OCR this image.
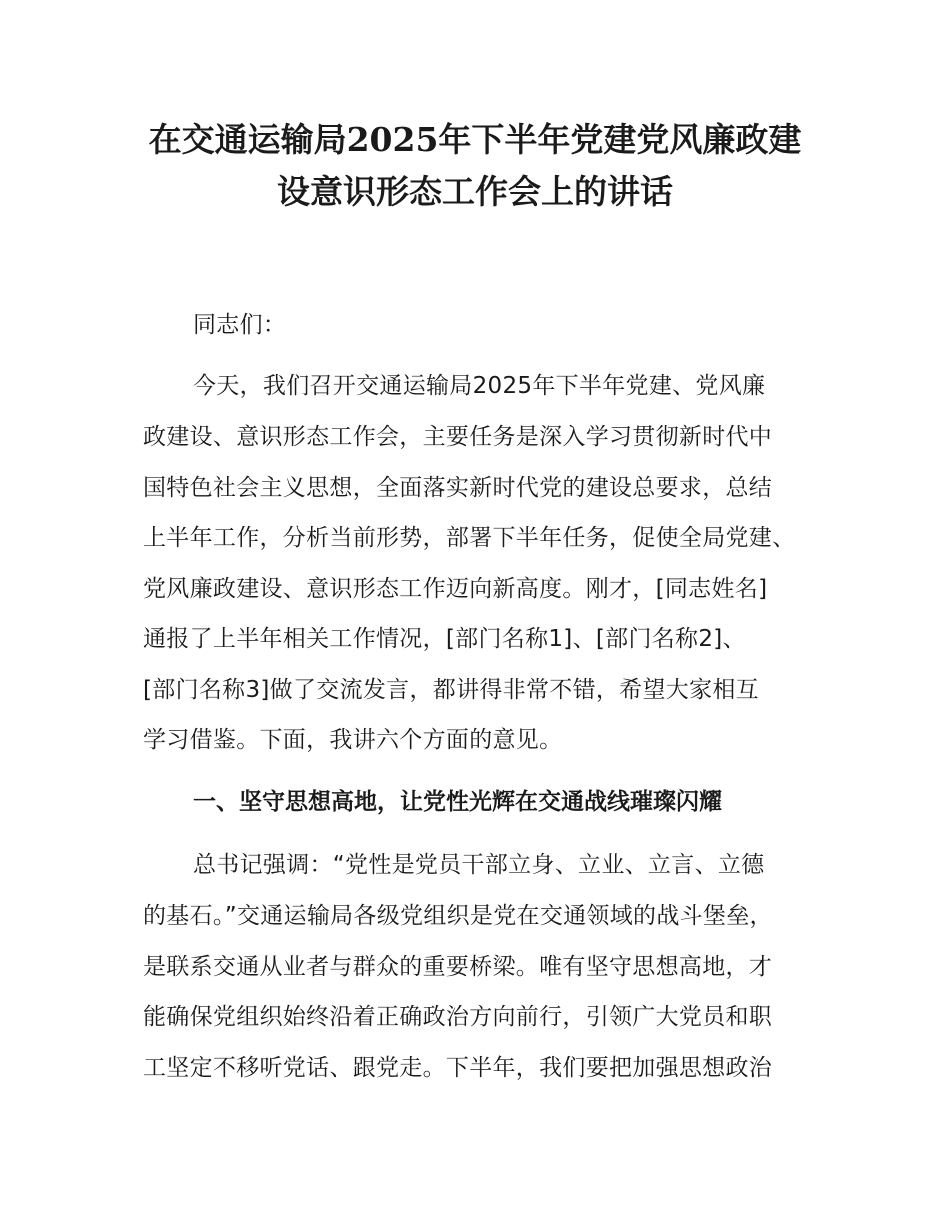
在交通运输局2025年下半年党建党风廉政建
设意识形态工作会上的讲话

同志们：

今天，我们召开交通运输局2025年下半年党建、党风廉

政建设、意识形态工作会，主要任务是深入学习贯彻新时代中

国特色社会主义思想，全面落实新时代党的建设总要求，总结

上半年工作，分析当前形势，部署下半年任务，促使全局党建、

党风廉政建设、意识形态工作迈向新高度。刚才，[同志姓名]

通报了上半年相关工作情况，[部门名称1]、[部门名称2]、

[部门名称3]做了交流发言，都讲得非常不错，希望大家相互

学习借鉴。下面，我讲六个方面的意见。

一、坚守思想高地，让党性光辉在交通战线璀璨闪耀

总书记强调：“党性是党员干部立身、立业、立言、立德

的基石。”交通运输局各级党组织是党在交通领域的战斗堡垒，

是联系交通从业者与群众的重要桥梁。唯有坚守思想高地，才

能确保党组织始终沿着正确政治方向前行，引领广大党员和职

工坚定不移听党话、跟党走。下半年，我们要把加强思想政治
